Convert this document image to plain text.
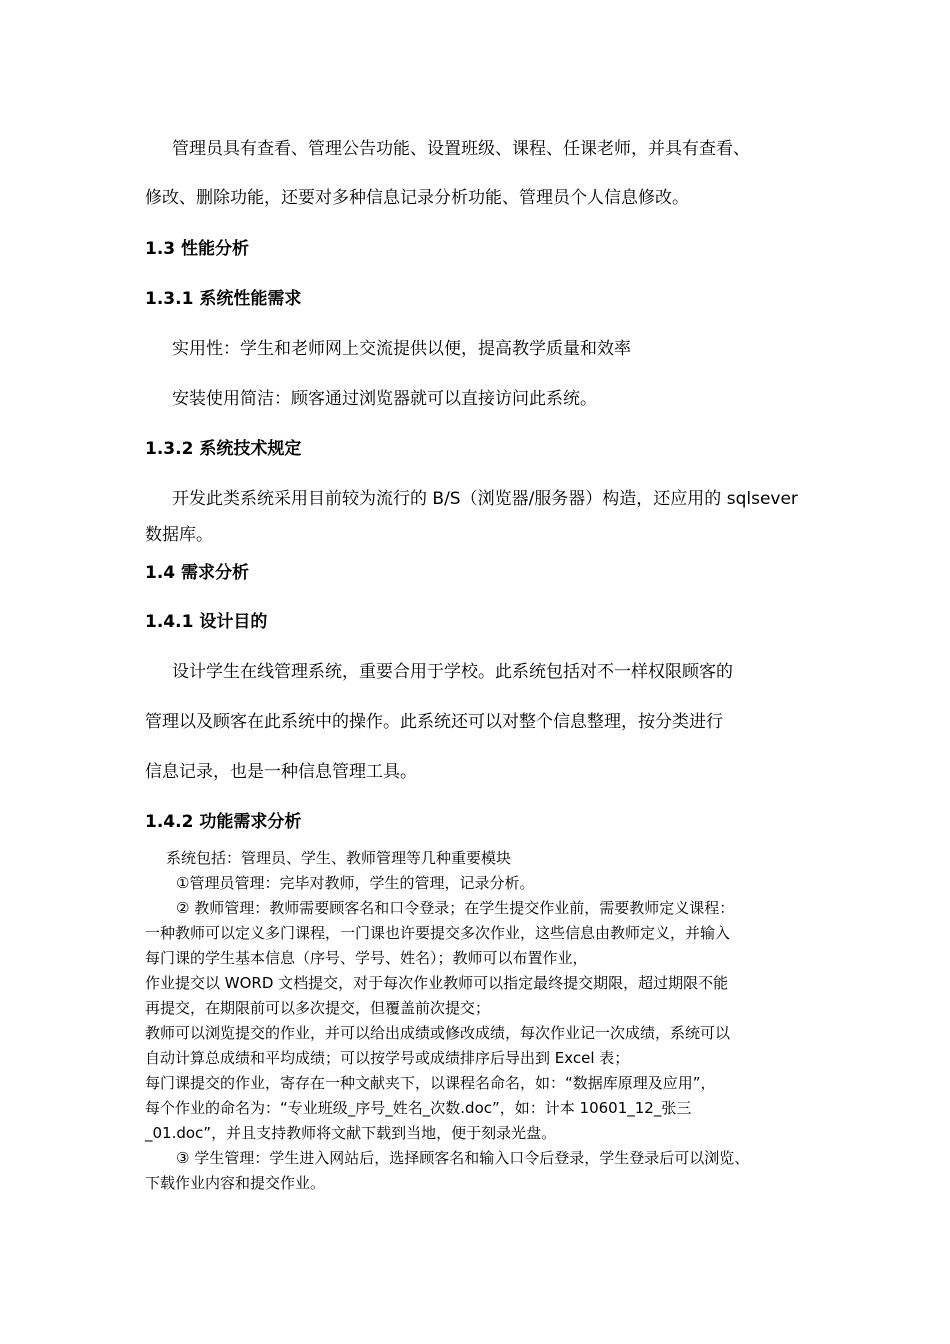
管理员具有查看、管理公告功能、设置班级、课程、任课老师，并具有查看、
修改、删除功能，还要对多种信息记录分析功能、管理员个人信息修改。
1.3 性能分析
1.3.1 系统性能需求
实用性：学生和老师网上交流提供以便，提高教学质量和效率
安装使用简洁：顾客通过浏览器就可以直接访问此系统。
1.3.2 系统技术规定
开发此类系统采用目前较为流行的 B/S（浏览器/服务器）构造，还应用的 sqlsever
数据库。
1.4 需求分析
1.4.1 设计目的
设计学生在线管理系统，重要合用于学校。此系统包括对不一样权限顾客的
管理以及顾客在此系统中的操作。此系统还可以对整个信息整理，按分类进行
信息记录，也是一种信息管理工具。
1.4.2 功能需求分析
系统包括：管理员、学生、教师管理等几种重要模块
①管理员管理：完毕对教师，学生的管理，记录分析。
② 教师管理：教师需要顾客名和口令登录；在学生提交作业前，需要教师定义课程：
一种教师可以定义多门课程，一门课也许要提交多次作业，这些信息由教师定义，并输入
每门课的学生基本信息（序号、学号、姓名）；教师可以布置作业，
作业提交以 WORD 文档提交，对于每次作业教师可以指定最终提交期限，超过期限不能
再提交，在期限前可以多次提交，但覆盖前次提交；
教师可以浏览提交的作业，并可以给出成绩或修改成绩，每次作业记一次成绩，系统可以
自动计算总成绩和平均成绩；可以按学号或成绩排序后导出到 Excel 表；
每门课提交的作业，寄存在一种文献夹下，以课程名命名，如：“数据库原理及应用”，
每个作业的命名为：“专业班级_序号_姓名_次数.doc”，如：计本 10601_12_张三
_01.doc”，并且支持教师将文献下载到当地，便于刻录光盘。
③ 学生管理：学生进入网站后，选择顾客名和输入口令后登录，学生登录后可以浏览、
下载作业内容和提交作业。
